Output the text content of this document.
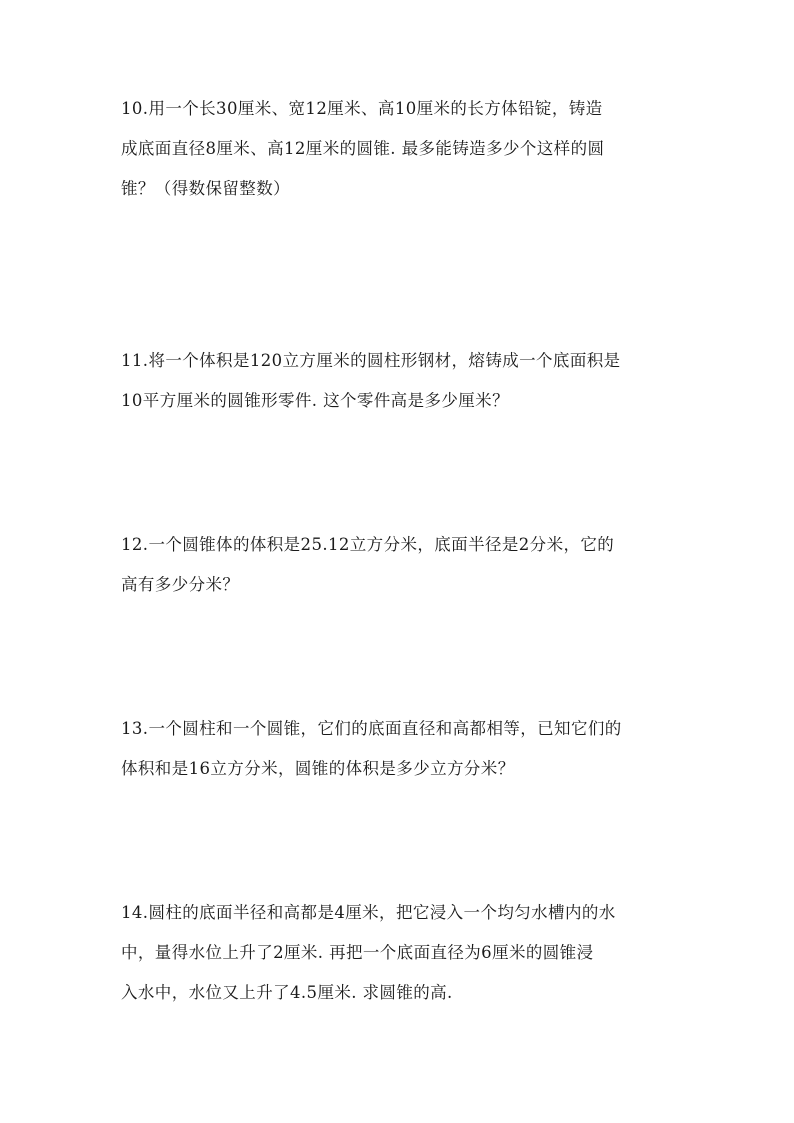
10.用一个长30厘米、宽12厘米、高10厘米的长方体铅锭，铸造
成底面直径8厘米、高12厘米的圆锥. 最多能铸造多少个这样的圆
锥？（得数保留整数）
11.将一个体积是120立方厘米的圆柱形钢材，熔铸成一个底面积是
10平方厘米的圆锥形零件. 这个零件高是多少厘米？
12.一个圆锥体的体积是25.12立方分米，底面半径是2分米，它的
高有多少分米？
13.一个圆柱和一个圆锥，它们的底面直径和高都相等，已知它们的
体积和是16立方分米，圆锥的体积是多少立方分米？
14.圆柱的底面半径和高都是4厘米，把它浸入一个均匀水槽内的水
中，量得水位上升了2厘米. 再把一个底面直径为6厘米的圆锥浸
入水中，水位又上升了4.5厘米. 求圆锥的高.
